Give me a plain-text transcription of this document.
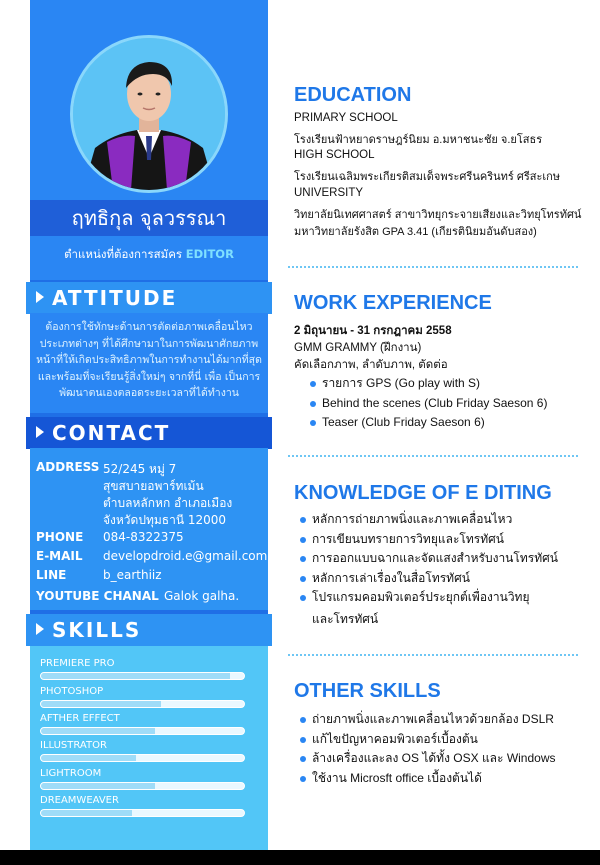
ฤทธิกุล จุลวรรณา
ตำแหน่งที่ต้องการสมัคร EDITOR
ATTITUDE
ต้องการใช้ทักษะด้านการตัดต่อภาพเคลื่อนไหว ประเภทต่างๆ ที่ได้ศึกษามาในการพัฒนาศักยภาพ หน้าที่ให้เกิดประสิทธิภาพในการทำงานได้มากที่สุด และพร้อมที่จะเรียนรู้สิ่งใหม่ๆ จากที่นี่ เพื่อ เป็นการพัฒนาตนเองตลอดระยะเวลาที่ได้ทำงาน
CONTACT
ADDRESS 52/245 หมู่ 7
สุขสบายอพาร์ทเม้น
ตำบลหลักหก อำเภอเมือง
จังหวัดปทุมธานี 12000
PHONE 084-8322375
E-MAIL developdroid.e@gmail.com
LINE	b_earthiiz
YOUTUBE CHANAL Galok galha.
SKILLS
PREMIERE PRO
PHOTOSHOP
AFTHER EFFECT
ILLUSTRATOR
LIGHTROOM
DREAMWEAVER
EDUCATION
PRIMARY SCHOOL
โรงเรียนฟ้าหยาดราษฎร์นิยม อ.มหาชนะชัย จ.ยโสธร
HIGH SCHOOL
โรงเรียนเฉลิมพระเกียรติสมเด็จพระศรีนครินทร์ ศรีสะเกษ
UNIVERSITY
วิทยาลัยนิเทศศาสตร์ สาขาวิทยุกระจายเสียงและวิทยุโทรทัศน์
มหาวิทยาลัยรังสิต GPA 3.41 (เกียรตินิยมอันดับสอง)
WORK EXPERIENCE
2 มิถุนายน - 31 กรกฎาคม 2558
GMM GRAMMY (ฝึกงาน)
คัดเลือกภาพ, ลำดับภาพ, ตัดต่อ
รายการ GPS (Go play with S)
Behind the scenes (Club Friday Saeson 6)
Teaser (Club Friday Saeson 6)
KNOWLEDGE OF E DITING
หลักการถ่ายภาพนิ่งและภาพเคลื่อนไหว
การเขียนบทรายการวิทยุและโทรทัศน์
การออกแบบฉากและจัดแสงสำหรับงานโทรทัศน์
หลักการเล่าเรื่องในสื่อโทรทัศน์
โปรแกรมคอมพิวเตอร์ประยุกต์เพื่องานวิทยุ
และโทรทัศน์
OTHER SKILLS
ถ่ายภาพนิ่งและภาพเคลื่อนไหวด้วยกล้อง DSLR
แก้ไขปัญหาคอมพิวเตอร์เบื้องต้น
ล้างเครื่องและลง OS ได้ทั้ง OSX และ Windows
ใช้งาน Microsft office เบื้องต้นได้
